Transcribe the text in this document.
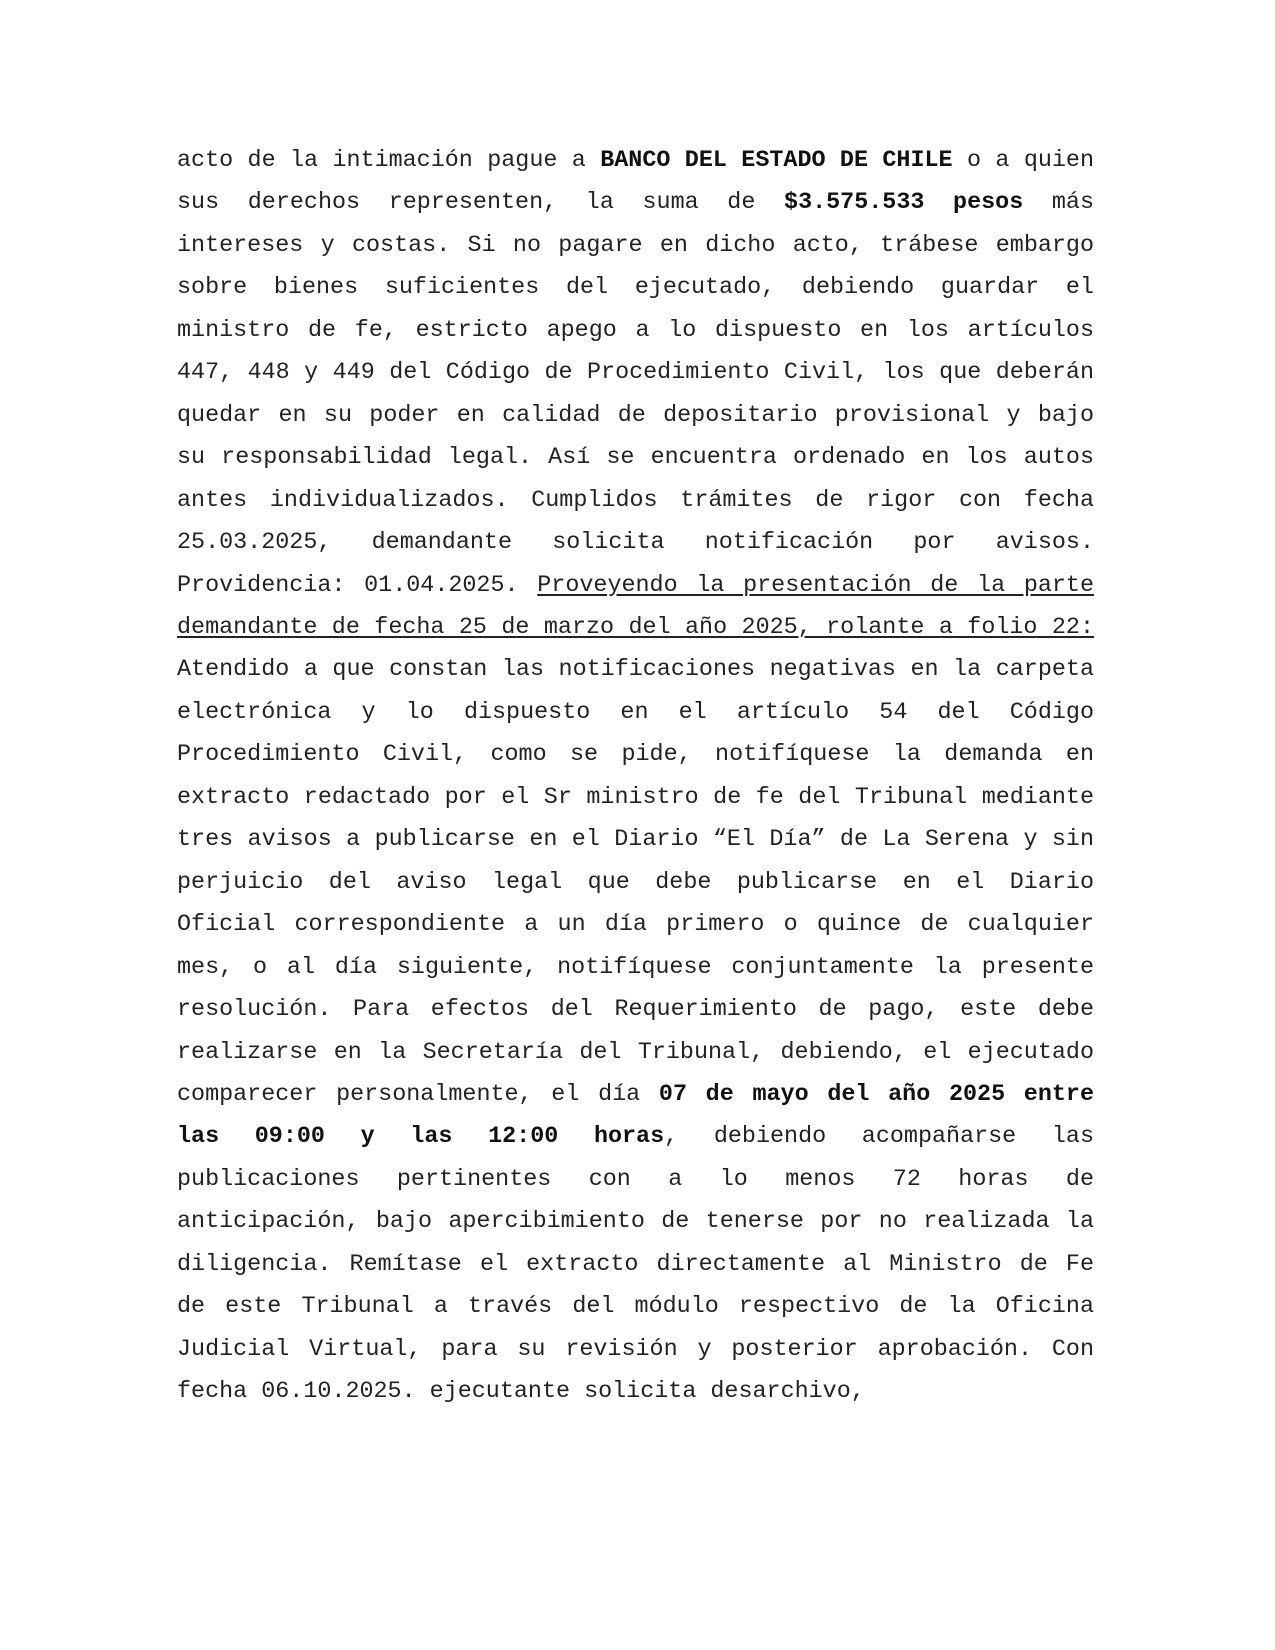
acto de la intimación pague a BANCO DEL ESTADO DE CHILE o a quien sus derechos representen, la suma de $3.575.533 pesos más intereses y costas. Si no pagare en dicho acto, trábese embargo sobre bienes suficientes del ejecutado, debiendo guardar el ministro de fe, estricto apego a lo dispuesto en los artículos 447, 448 y 449 del Código de Procedimiento Civil, los que deberán quedar en su poder en calidad de depositario provisional y bajo su responsabilidad legal. Así se encuentra ordenado en los autos antes individualizados. Cumplidos trámites de rigor con fecha 25.03.2025, demandante solicita notificación por avisos. Providencia: 01.04.2025. Proveyendo la presentación de la parte demandante de fecha 25 de marzo del año 2025, rolante a folio 22: Atendido a que constan las notificaciones negativas en la carpeta electrónica y lo dispuesto en el artículo 54 del Código Procedimiento Civil, como se pide, notifíquese la demanda en extracto redactado por el Sr ministro de fe del Tribunal mediante tres avisos a publicarse en el Diario “El Día” de La Serena y sin perjuicio del aviso legal que debe publicarse en el Diario Oficial correspondiente a un día primero o quince de cualquier mes, o al día siguiente, notifíquese conjuntamente la presente resolución. Para efectos del Requerimiento de pago, este debe realizarse en la Secretaría del Tribunal, debiendo, el ejecutado comparecer personalmente, el día 07 de mayo del año 2025 entre las 09:00 y las 12:00 horas, debiendo acompañarse las publicaciones pertinentes con a lo menos 72 horas de anticipación, bajo apercibimiento de tenerse por no realizada la diligencia. Remítase el extracto directamente al Ministro de Fe de este Tribunal a través del módulo respectivo de la Oficina Judicial Virtual, para su revisión y posterior aprobación. Con fecha 06.10.2025. ejecutante solicita desarchivo,
